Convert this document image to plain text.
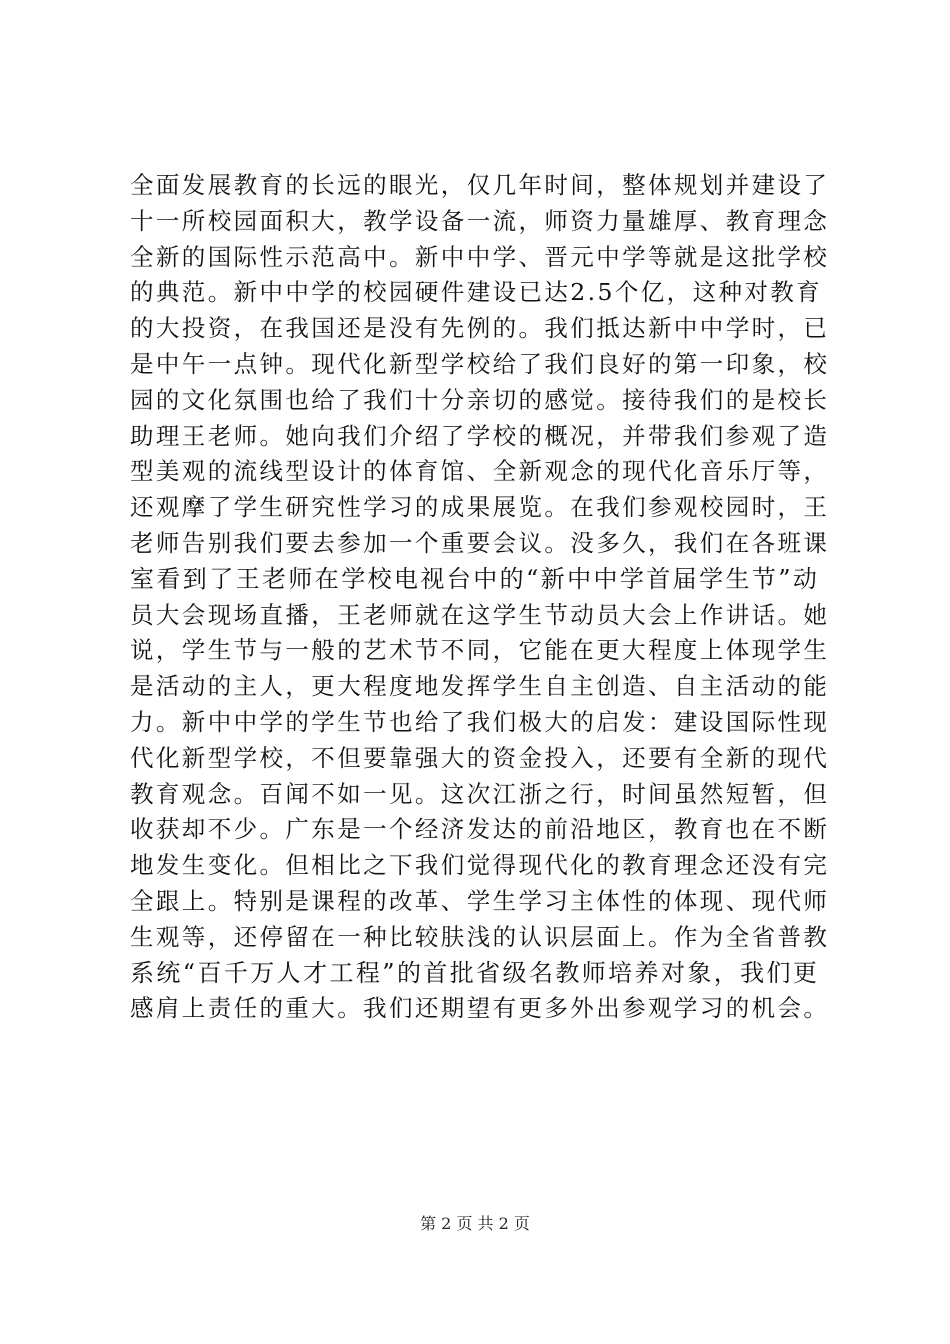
全面发展教育的长远的眼光，仅几年时间，整体规划并建设了
十一所校园面积大，教学设备一流，师资力量雄厚、教育理念
全新的国际性示范高中。新中中学、晋元中学等就是这批学校
的典范。新中中学的校园硬件建设已达2.5个亿，这种对教育
的大投资，在我国还是没有先例的。我们抵达新中中学时，已
是中午一点钟。现代化新型学校给了我们良好的第一印象，校
园的文化氛围也给了我们十分亲切的感觉。接待我们的是校长
助理王老师。她向我们介绍了学校的概况，并带我们参观了造
型美观的流线型设计的体育馆、全新观念的现代化音乐厅等，
还观摩了学生研究性学习的成果展览。在我们参观校园时，王
老师告别我们要去参加一个重要会议。没多久，我们在各班课
室看到了王老师在学校电视台中的“新中中学首届学生节”动
员大会现场直播，王老师就在这学生节动员大会上作讲话。她
说，学生节与一般的艺术节不同，它能在更大程度上体现学生
是活动的主人，更大程度地发挥学生自主创造、自主活动的能
力。新中中学的学生节也给了我们极大的启发：建设国际性现
代化新型学校，不但要靠强大的资金投入，还要有全新的现代
教育观念。百闻不如一见。这次江浙之行，时间虽然短暂，但
收获却不少。广东是一个经济发达的前沿地区，教育也在不断
地发生变化。但相比之下我们觉得现代化的教育理念还没有完
全跟上。特别是课程的改革、学生学习主体性的体现、现代师
生观等，还停留在一种比较肤浅的认识层面上。作为全省普教
系统“百千万人才工程”的首批省级名教师培养对象，我们更
感肩上责任的重大。我们还期望有更多外出参观学习的机会。
第 2 页 共 2 页
